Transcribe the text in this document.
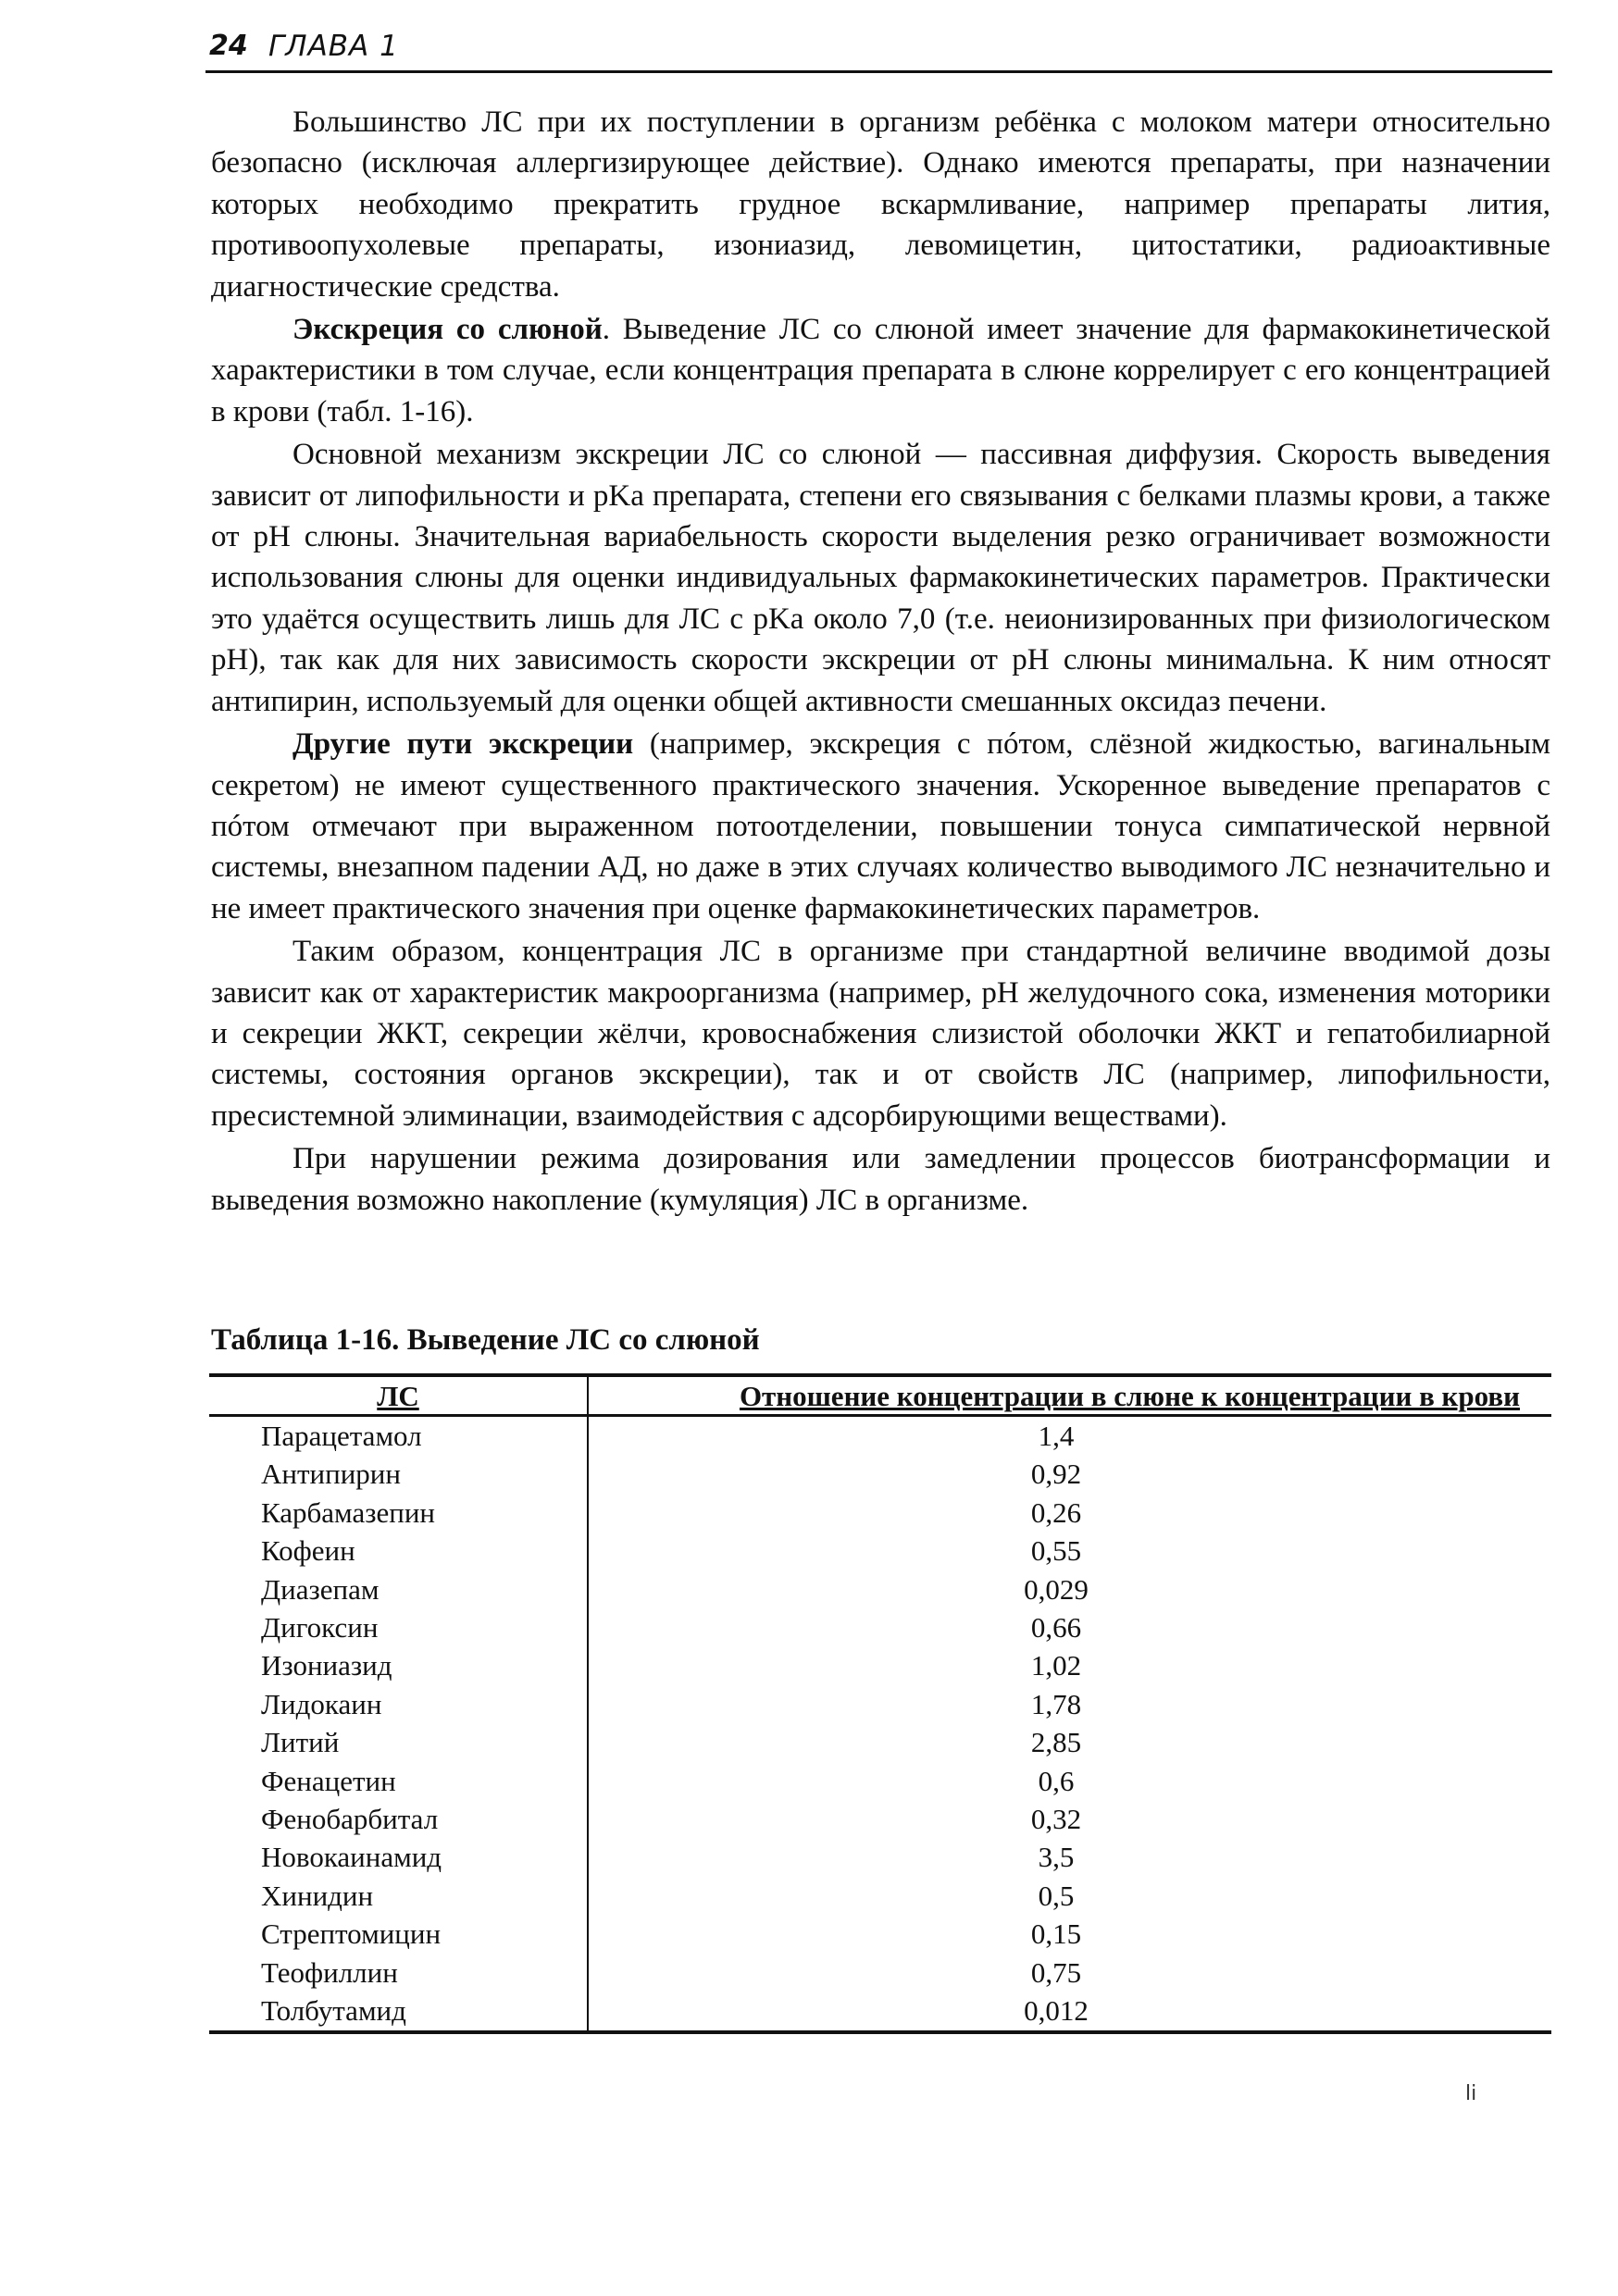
24 ГЛАВА 1

Большинство ЛС при их поступлении в организм ребёнка с молоком матери относительно безопасно (исключая аллергизирующее действие). Однако имеются препараты, при назначении которых необходимо прекратить грудное вскармливание, например препараты лития, противоопухолевые препараты, изониазид, левомицетин, цитостатики, радиоактивные диагностические средства.

Экскреция со слюной. Выведение ЛС со слюной имеет значение для фармакокинетической характеристики в том случае, если концентрация препарата в слюне коррелирует с его концентрацией в крови (табл. 1-16).

Основной механизм экскреции ЛС со слюной — пассивная диффузия. Скорость выведения зависит от липофильности и pKa препарата, степени его связывания с белками плазмы крови, а также от pH слюны. Значительная вариабельность скорости выделения резко ограничивает возможности использования слюны для оценки индивидуальных фармакокинетических параметров. Практически это удаётся осуществить лишь для ЛС с pKa около 7,0 (т.е. неионизированных при физиологическом pH), так как для них зависимость скорости экскреции от pH слюны минимальна. К ним относят антипирин, используемый для оценки общей активности смешанных оксидаз печени.

Другие пути экскреции (например, экскреция с пóтом, слёзной жидкостью, вагинальным секретом) не имеют существенного практического значения. Ускоренное выведение препаратов с пóтом отмечают при выраженном потоотделении, повышении тонуса симпатической нервной системы, внезапном падении АД, но даже в этих случаях количество выводимого ЛС незначительно и не имеет практического значения при оценке фармакокинетических параметров.

Таким образом, концентрация ЛС в организме при стандартной величине вводимой дозы зависит как от характеристик макроорганизма (например, pH желудочного сока, изменения моторики и секреции ЖКТ, секреции жёлчи, кровоснабжения слизистой оболочки ЖКТ и гепатобилиарной системы, состояния органов экскреции), так и от свойств ЛС (например, липофильности, пресистемной элиминации, взаимодействия с адсорбирующими веществами).

При нарушении режима дозирования или замедлении процессов биотрансформации и выведения возможно накопление (кумуляция) ЛС в организме.

Таблица 1-16. Выведение ЛС со слюной
ЛС	Отношение концентрации в слюне к концентрации в крови
Парацетамол	1,4
Антипирин	0,92
Карбамазепин	0,26
Кофеин	0,55
Диазепам	0,029
Дигоксин	0,66
Изониазид	1,02
Лидокаин	1,78
Литий	2,85
Фенацетин	0,6
Фенобарбитал	0,32
Новокаинамид	3,5
Хинидин	0,5
Стрептомицин	0,15
Теофиллин	0,75
Толбутамид	0,012
li
